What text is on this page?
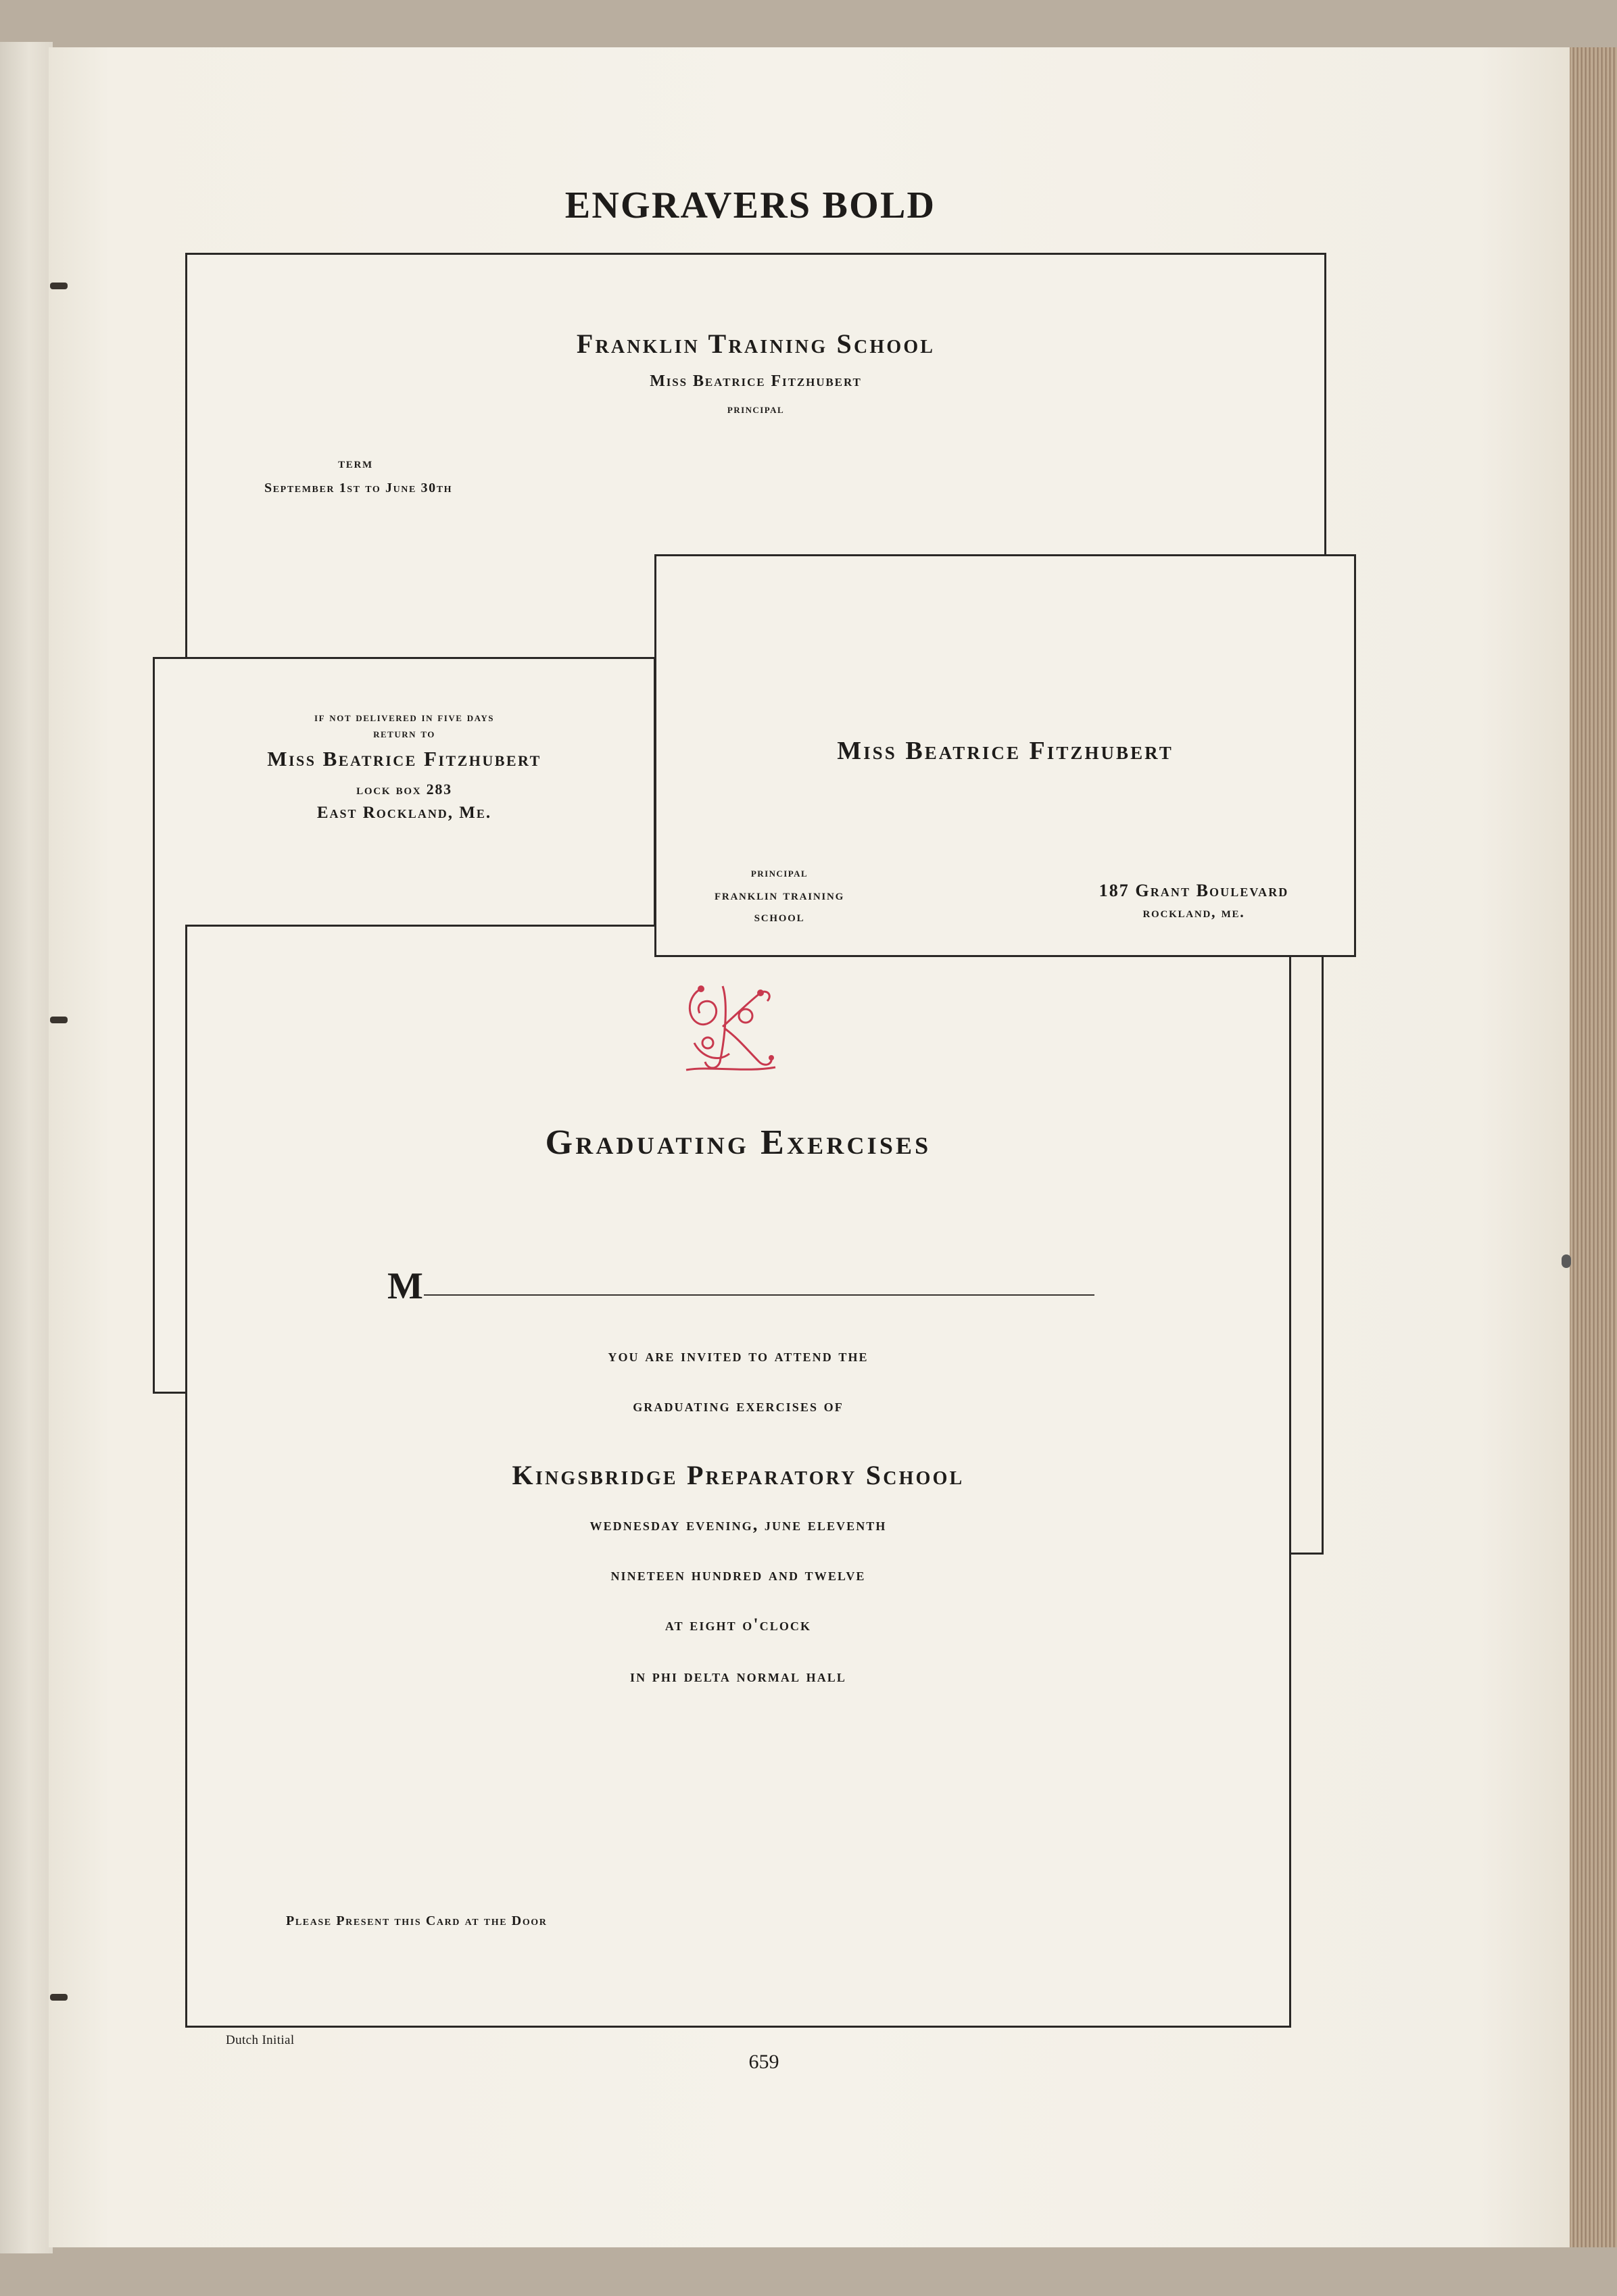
ENGRAVERS BOLD
Franklin Training School
Miss Beatrice Fitzhubert
principal
term
September 1st to June 30th
if not delivered in five days
return to
Miss Beatrice Fitzhubert
lock box 283
East Rockland, Me.
Graduating Exercises
M
you are invited to attend the
graduating exercises of
Kingsbridge Preparatory School
wednesday evening, june eleventh
nineteen hundred and twelve
at eight o'clock
in phi delta normal hall
Please Present this Card at the Door
Miss Beatrice Fitzhubert
principal
franklin training
school
187 Grant Boulevard
rockland, me.
Dutch Initial
659
